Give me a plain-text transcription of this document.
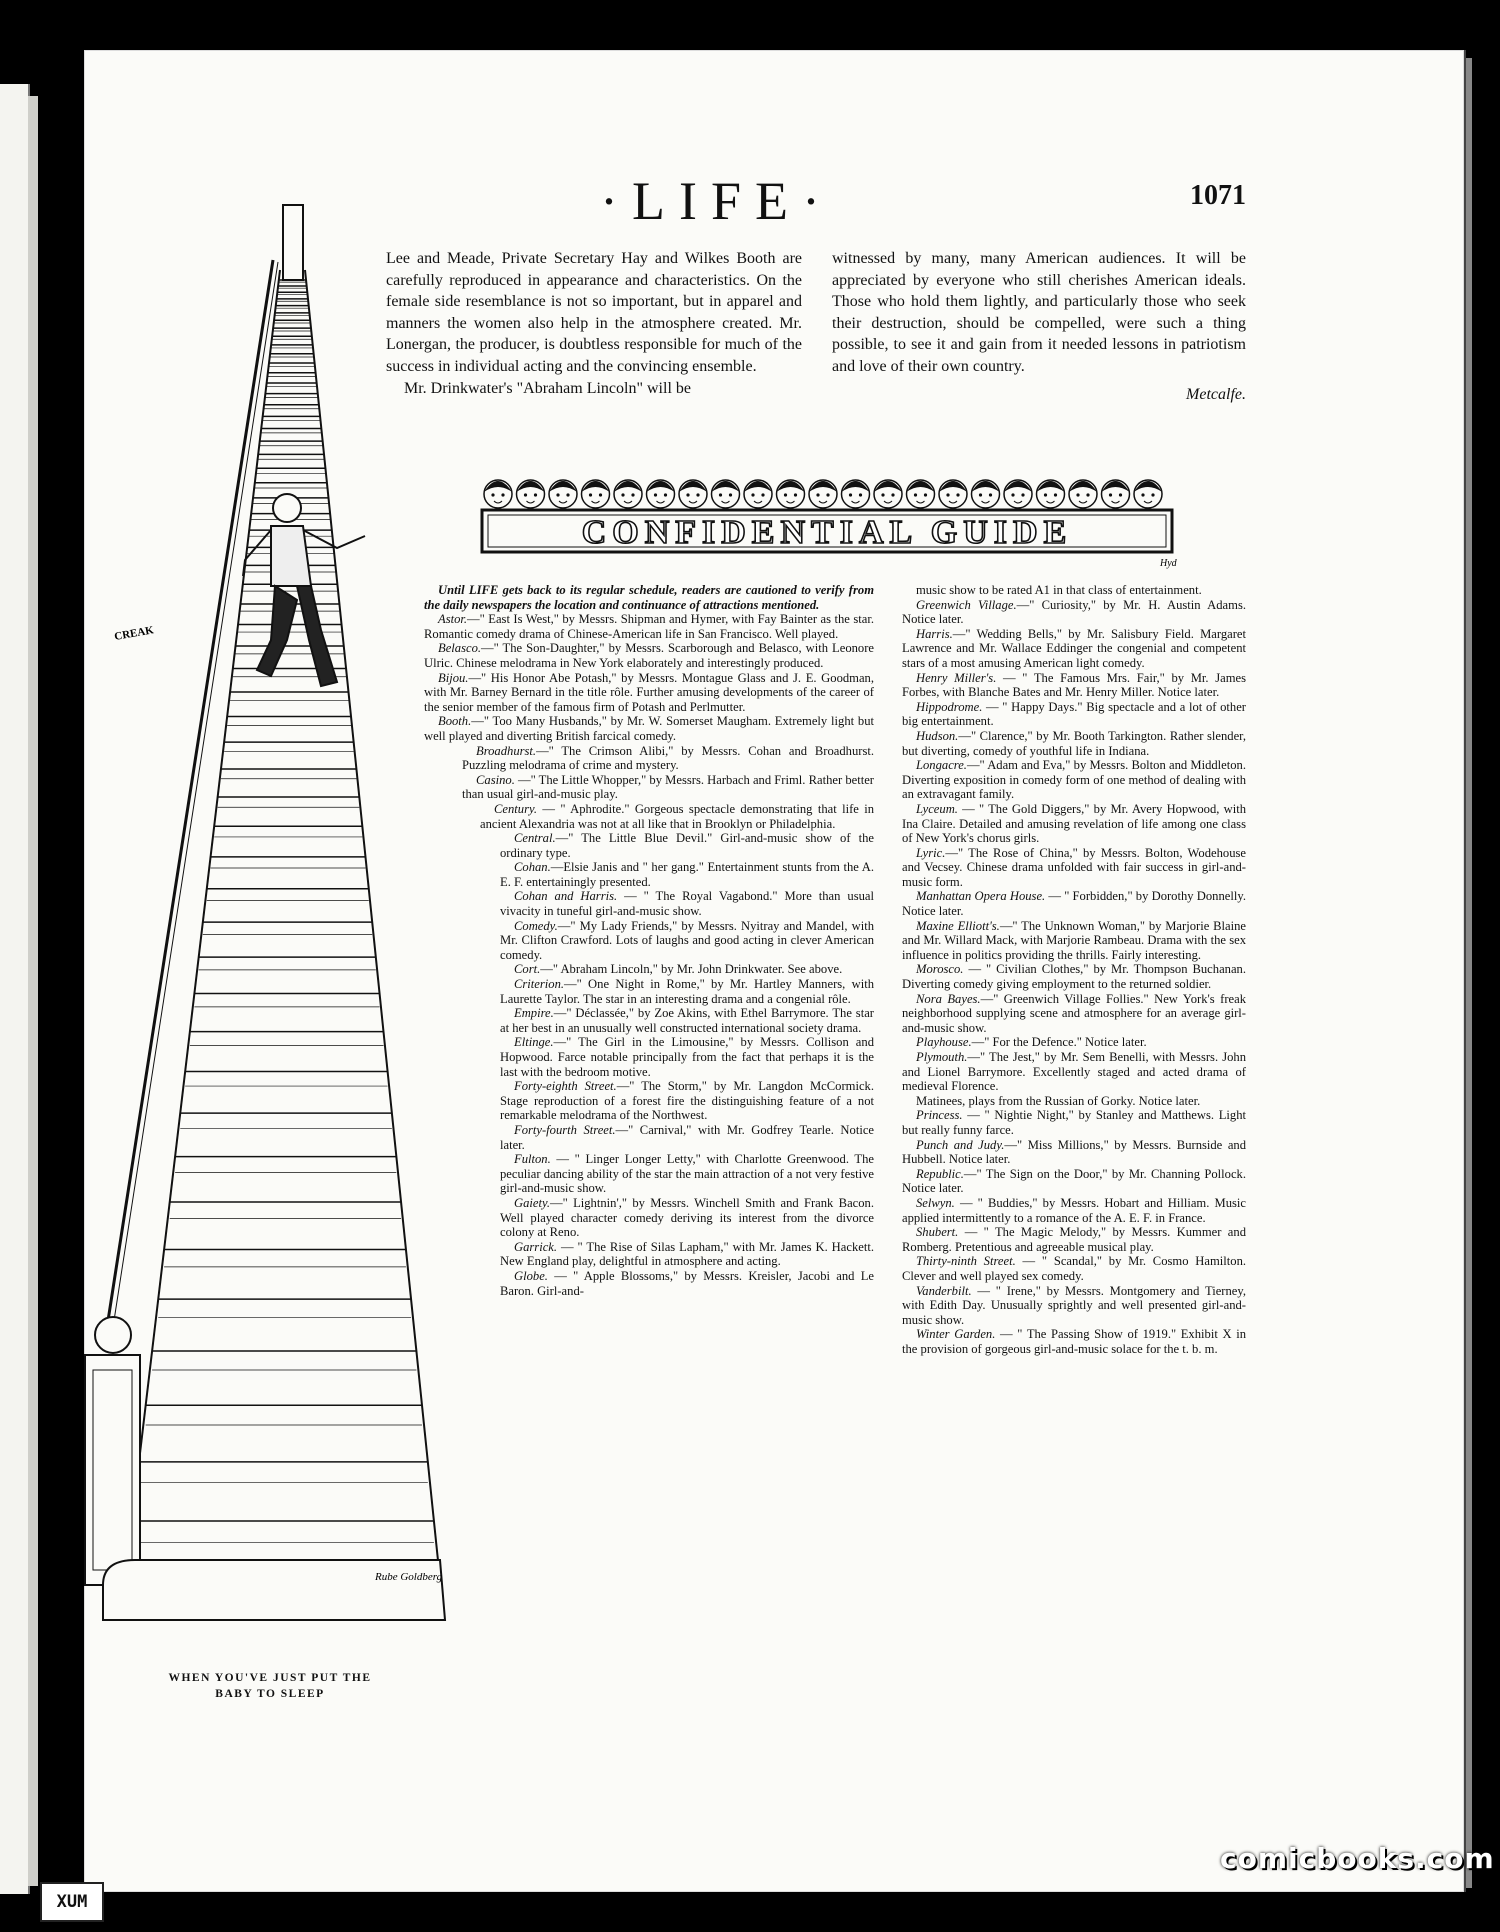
·LIFE·	1071
CREAK
Rube Goldberg
WHEN YOU'VE JUST PUT THE
BABY TO SLEEP

Lee and Meade, Private Secretary Hay and Wilkes Booth are carefully reproduced in appearance and characteristics. On the female side resemblance is not so important, but in apparel and manners the women also help in the atmosphere created. Mr. Lonergan, the producer, is doubtless responsible for much of the success in individual acting and the convincing ensemble.

Mr. Drinkwater's "Abraham Lincoln" will be

witnessed by many, many American audiences. It will be appreciated by everyone who still cherishes American ideals. Those who hold them lightly, and particularly those who seek their destruction, should be compelled, were such a thing possible, to see it and gain from it needed lessons in patriotism and love of their own country.

Metcalfe.
CONFIDENTIAL GUIDE
Hyd

Until LIFE gets back to its regular schedule, readers are cautioned to verify from the daily newspapers the location and continuance of attractions mentioned.

Astor.—" East Is West," by Messrs. Shipman and Hymer, with Fay Bainter as the star. Romantic comedy drama of Chinese-American life in San Francisco. Well played.

Belasco.—" The Son-Daughter," by Messrs. Scarborough and Belasco, with Leonore Ulric. Chinese melodrama in New York elaborately and interestingly produced.

Bijou.—" His Honor Abe Potash," by Messrs. Montague Glass and J. E. Goodman, with Mr. Barney Bernard in the title rôle. Further amusing developments of the career of the senior member of the famous firm of Potash and Perlmutter.

Booth.—" Too Many Husbands," by Mr. W. Somerset Maugham. Extremely light but well played and diverting British farcical comedy.

Broadhurst.—" The Crimson Alibi," by Messrs. Cohan and Broadhurst. Puzzling melodrama of crime and mystery.

Casino. —" The Little Whopper," by Messrs. Harbach and Friml. Rather better than usual girl-and-music play.

Century. — " Aphrodite." Gorgeous spectacle demonstrating that life in ancient Alexandria was not at all like that in Brooklyn or Philadelphia.

Central.—" The Little Blue Devil." Girl-and-music show of the ordinary type.

Cohan.—Elsie Janis and " her gang." Entertainment stunts from the A. E. F. entertainingly presented.

Cohan and Harris. — " The Royal Vagabond." More than usual vivacity in tuneful girl-and-music show.

Comedy.—" My Lady Friends," by Messrs. Nyitray and Mandel, with Mr. Clifton Crawford. Lots of laughs and good acting in clever American comedy.

Cort.—" Abraham Lincoln," by Mr. John Drinkwater. See above.

Criterion.—" One Night in Rome," by Mr. Hartley Manners, with Laurette Taylor. The star in an interesting drama and a congenial rôle.

Empire.—" Déclassée," by Zoe Akins, with Ethel Barrymore. The star at her best in an unusually well constructed international society drama.

Eltinge.—" The Girl in the Limousine," by Messrs. Collison and Hopwood. Farce notable principally from the fact that perhaps it is the last with the bedroom motive.

Forty-eighth Street.—" The Storm," by Mr. Langdon McCormick. Stage reproduction of a forest fire the distinguishing feature of a not remarkable melodrama of the Northwest.

Forty-fourth Street.—" Carnival," with Mr. Godfrey Tearle. Notice later.

Fulton. — " Linger Longer Letty," with Charlotte Greenwood. The peculiar dancing ability of the star the main attraction of a not very festive girl-and-music show.

Gaiety.—" Lightnin'," by Messrs. Winchell Smith and Frank Bacon. Well played character comedy deriving its interest from the divorce colony at Reno.

Garrick. — " The Rise of Silas Lapham," with Mr. James K. Hackett. New England play, delightful in atmosphere and acting.

Globe. — " Apple Blossoms," by Messrs. Kreisler, Jacobi and Le Baron. Girl-and-

music show to be rated A1 in that class of entertainment.

Greenwich Village.—" Curiosity," by Mr. H. Austin Adams. Notice later.

Harris.—" Wedding Bells," by Mr. Salisbury Field. Margaret Lawrence and Mr. Wallace Eddinger the congenial and competent stars of a most amusing American light comedy.

Henry Miller's. — " The Famous Mrs. Fair," by Mr. James Forbes, with Blanche Bates and Mr. Henry Miller. Notice later.

Hippodrome. — " Happy Days." Big spectacle and a lot of other big entertainment.

Hudson.—" Clarence," by Mr. Booth Tarkington. Rather slender, but diverting, comedy of youthful life in Indiana.

Longacre.—" Adam and Eva," by Messrs. Bolton and Middleton. Diverting exposition in comedy form of one method of dealing with an extravagant family.

Lyceum. — " The Gold Diggers," by Mr. Avery Hopwood, with Ina Claire. Detailed and amusing revelation of life among one class of New York's chorus girls.

Lyric.—" The Rose of China," by Messrs. Bolton, Wodehouse and Vecsey. Chinese drama unfolded with fair success in girl-and-music form.

Manhattan Opera House. — " Forbidden," by Dorothy Donnelly. Notice later.

Maxine Elliott's.—" The Unknown Woman," by Marjorie Blaine and Mr. Willard Mack, with Marjorie Rambeau. Drama with the sex influence in politics providing the thrills. Fairly interesting.

Morosco. — " Civilian Clothes," by Mr. Thompson Buchanan. Diverting comedy giving employment to the returned soldier.

Nora Bayes.—" Greenwich Village Follies." New York's freak neighborhood supplying scene and atmosphere for an average girl-and-music show.

Playhouse.—" For the Defence." Notice later.

Plymouth.—" The Jest," by Mr. Sem Benelli, with Messrs. John and Lionel Barrymore. Excellently staged and acted drama of medieval Florence.

Matinees, plays from the Russian of Gorky. Notice later.

Princess. — " Nightie Night," by Stanley and Matthews. Light but really funny farce.

Punch and Judy.—" Miss Millions," by Messrs. Burnside and Hubbell. Notice later.

Republic.—" The Sign on the Door," by Mr. Channing Pollock. Notice later.

Selwyn. — " Buddies," by Messrs. Hobart and Hilliam. Music applied intermittently to a romance of the A. E. F. in France.

Shubert. — " The Magic Melody," by Messrs. Kummer and Romberg. Pretentious and agreeable musical play.

Thirty-ninth Street. — " Scandal," by Mr. Cosmo Hamilton. Clever and well played sex comedy.

Vanderbilt. — " Irene," by Messrs. Montgomery and Tierney, with Edith Day. Unusually sprightly and well presented girl-and-music show.

Winter Garden. — " The Passing Show of 1919." Exhibit X in the provision of gorgeous girl-and-music solace for the t. b. m.

comicbooks.com
XUM
